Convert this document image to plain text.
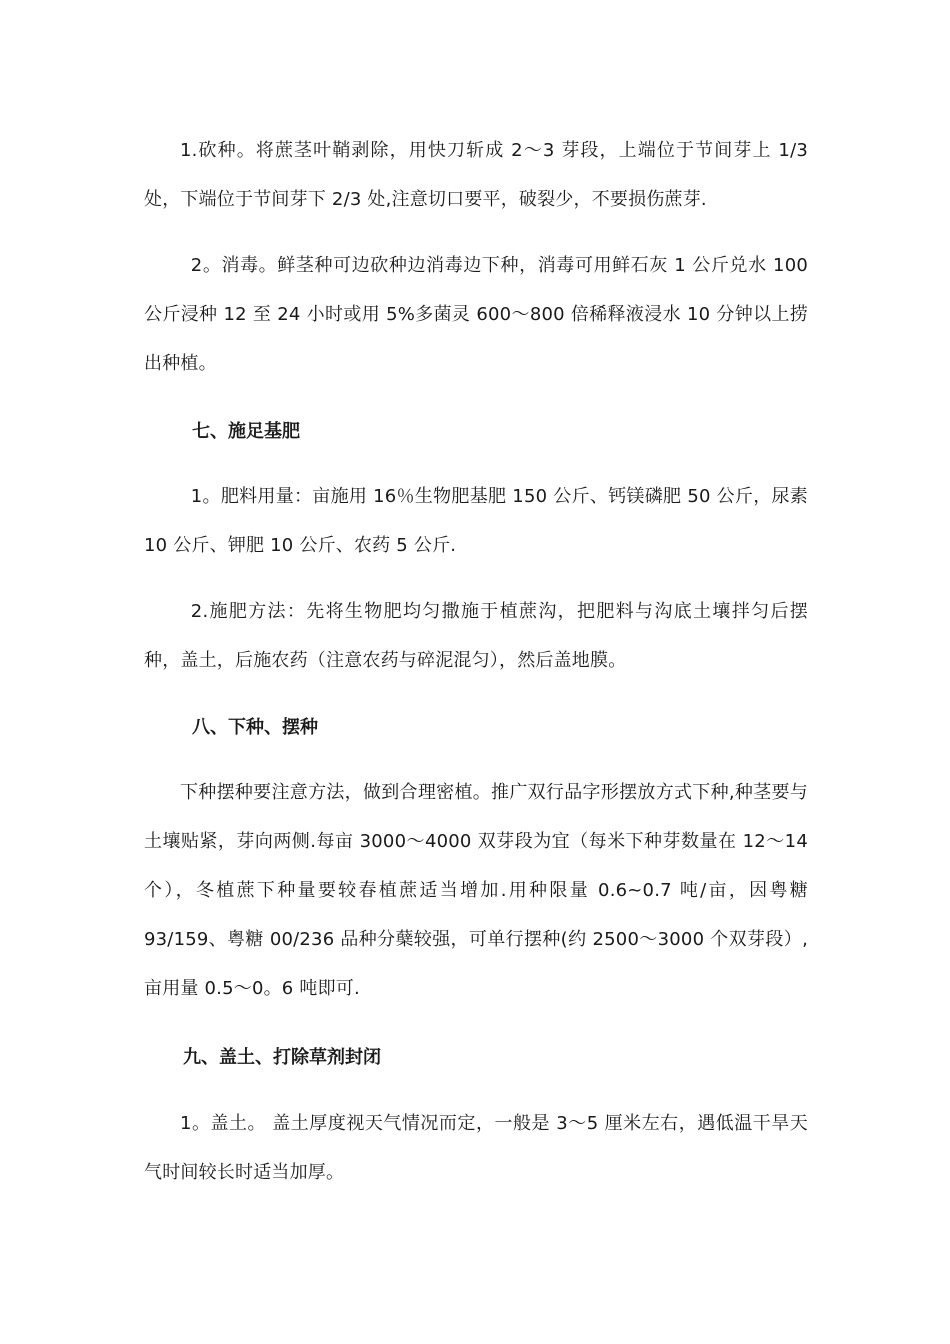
1.砍种。将蔗茎叶鞘剥除，用快刀斩成 2～3 芽段，上端位于节间芽上 1/3 处，下端位于节间芽下 2/3 处,注意切口要平，破裂少，不要损伤蔗芽.

2。消毒。鲜茎种可边砍种边消毒边下种，消毒可用鲜石灰 1 公斤兑水 100 公斤浸种 12 至 24 小时或用 5%多菌灵 600～800 倍稀释液浸水 10 分钟以上捞出种植。

七、施足基肥

1。肥料用量：亩施用 16％生物肥基肥 150 公斤、钙镁磷肥 50 公斤，尿素 10 公斤、钾肥 10 公斤、农药 5 公斤.

2.施肥方法：先将生物肥均匀撒施于植蔗沟，把肥料与沟底土壤拌匀后摆种，盖土，后施农药（注意农药与碎泥混匀），然后盖地膜。

八、下种、摆种

下种摆种要注意方法，做到合理密植。推广双行品字形摆放方式下种,种茎要与土壤贴紧，芽向两侧.每亩 3000～4000 双芽段为宜（每米下种芽数量在 12～14 个），冬植蔗下种量要较春植蔗适当增加.用种限量 0.6~0.7 吨/亩，因粤糖 93/159、粤糖 00/236 品种分蘖较强，可单行摆种(约 2500～3000 个双芽段）,亩用量 0.5～0。6 吨即可.

九、盖土、打除草剂封闭

1。盖土。 盖土厚度视天气情况而定，一般是 3～5 厘米左右，遇低温干旱天气时间较长时适当加厚。
